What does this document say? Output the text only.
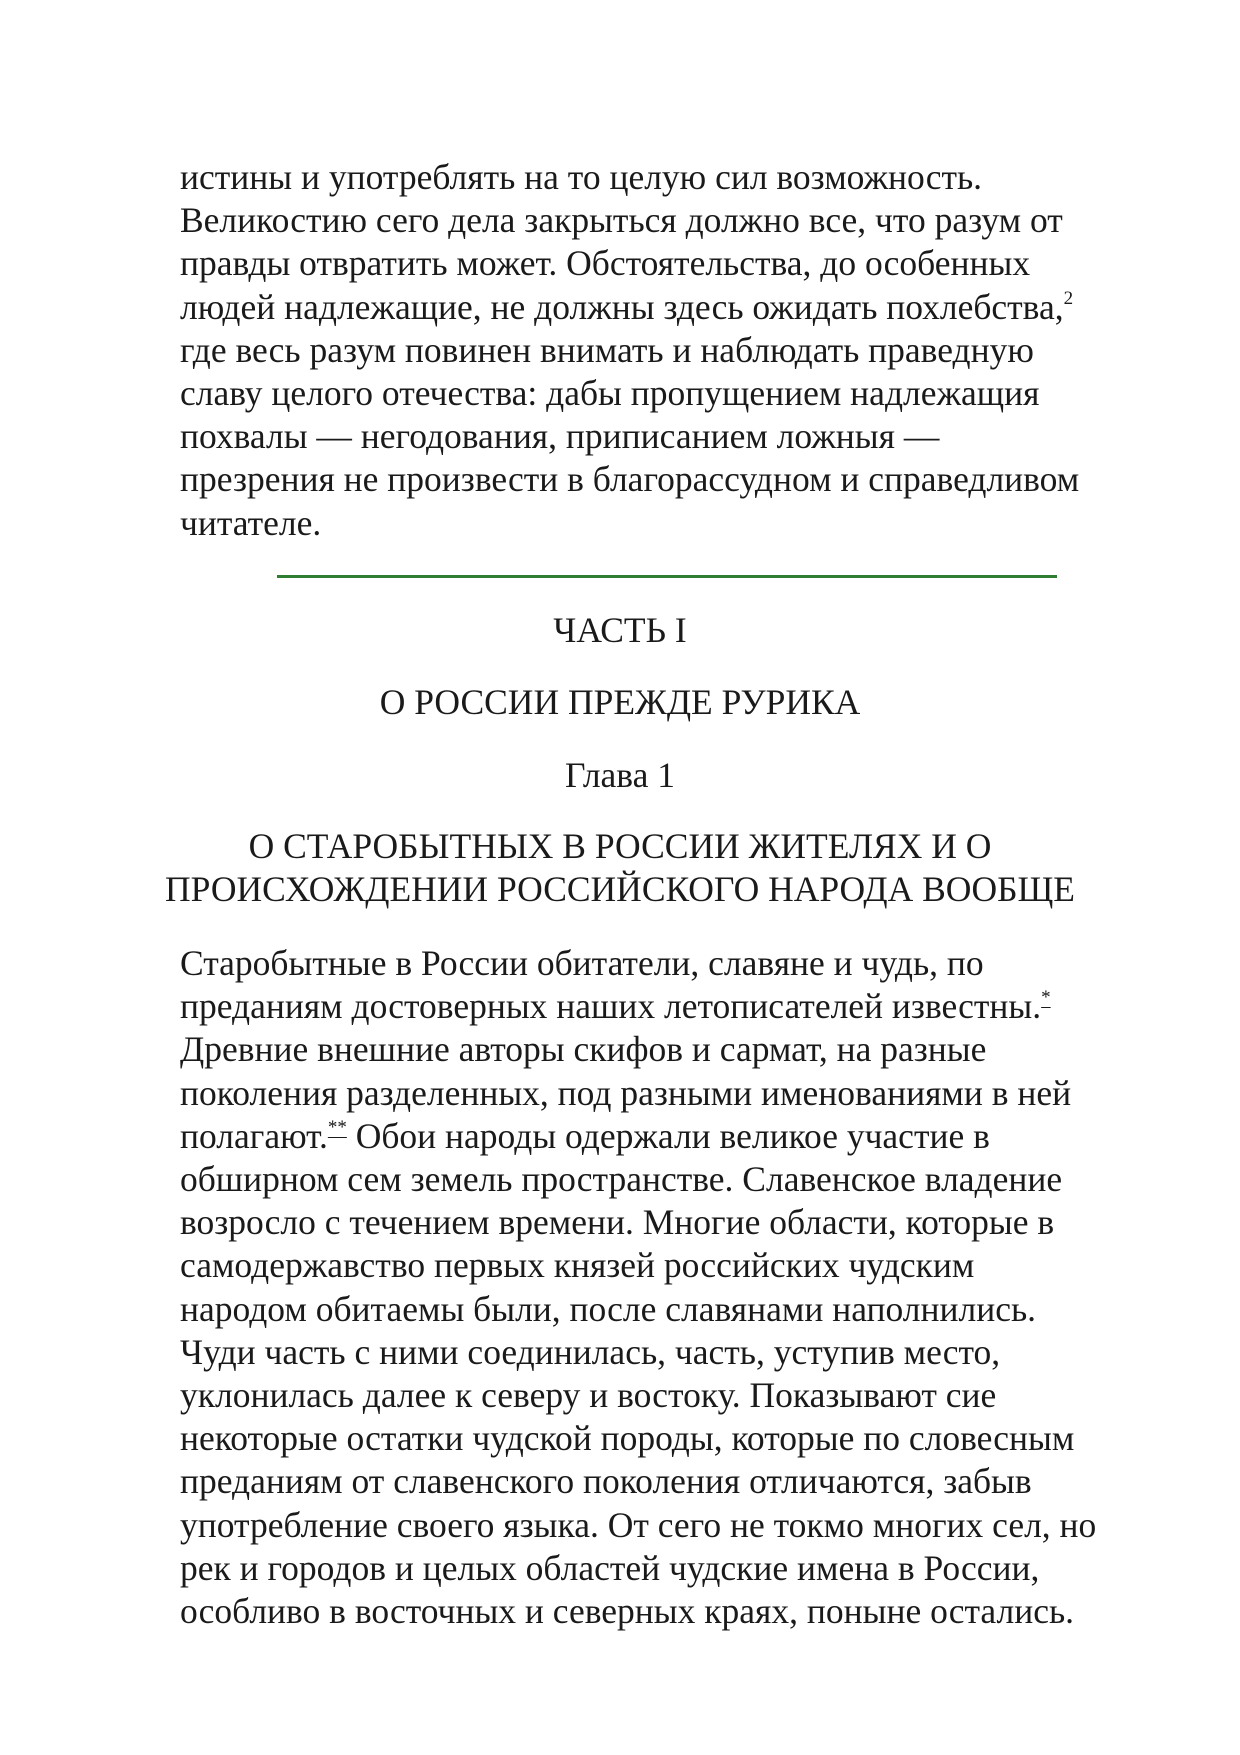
истины и употреблять на то целую сил возможность.
Великостию сего дела закрыться должно все, что разум от
правды отвратить может. Обстоятельства, до особенных
людей надлежащие, не должны здесь ожидать похлебства,$^2$
где весь разум повинен внимать и наблюдать праведную
славу целого отечества: дабы пропущением надлежащия
похвалы — негодования, приписанием ложныя —
презрения не произвести в благорассудном и справедливом
читателе.

ЧАСТЬ I
О РОССИИ ПРЕЖДЕ РУРИКА
Глава 1
О СТАРОБЫТНЫХ В РОССИИ ЖИТЕЛЯХ И О
ПРОИСХОЖДЕНИИ РОССИЙСКОГО НАРОДА ВООБЩЕ

Старобытные в России обитатели, славяне и чудь, по
преданиям достоверных наших летописателей известны.*
Древние внешние авторы скифов и сармат, на разные
поколения разделенных, под разными именованиями в ней
полагают.** Обои народы одержали великое участие в
обширном сем земель пространстве. Славенское владение
возросло с течением времени. Многие области, которые в
самодержавство первых князей российских чудским
народом обитаемы были, после славянами наполнились.
Чуди часть с ними соединилась, часть, уступив место,
уклонилась далее к северу и востоку. Показывают сие
некоторые остатки чудской породы, которые по словесным
преданиям от славенского поколения отличаются, забыв
употребление своего языка. От сего не токмо многих сел, но
рек и городов и целых областей чудские имена в России,
особливо в восточных и северных краях, поныне остались.
